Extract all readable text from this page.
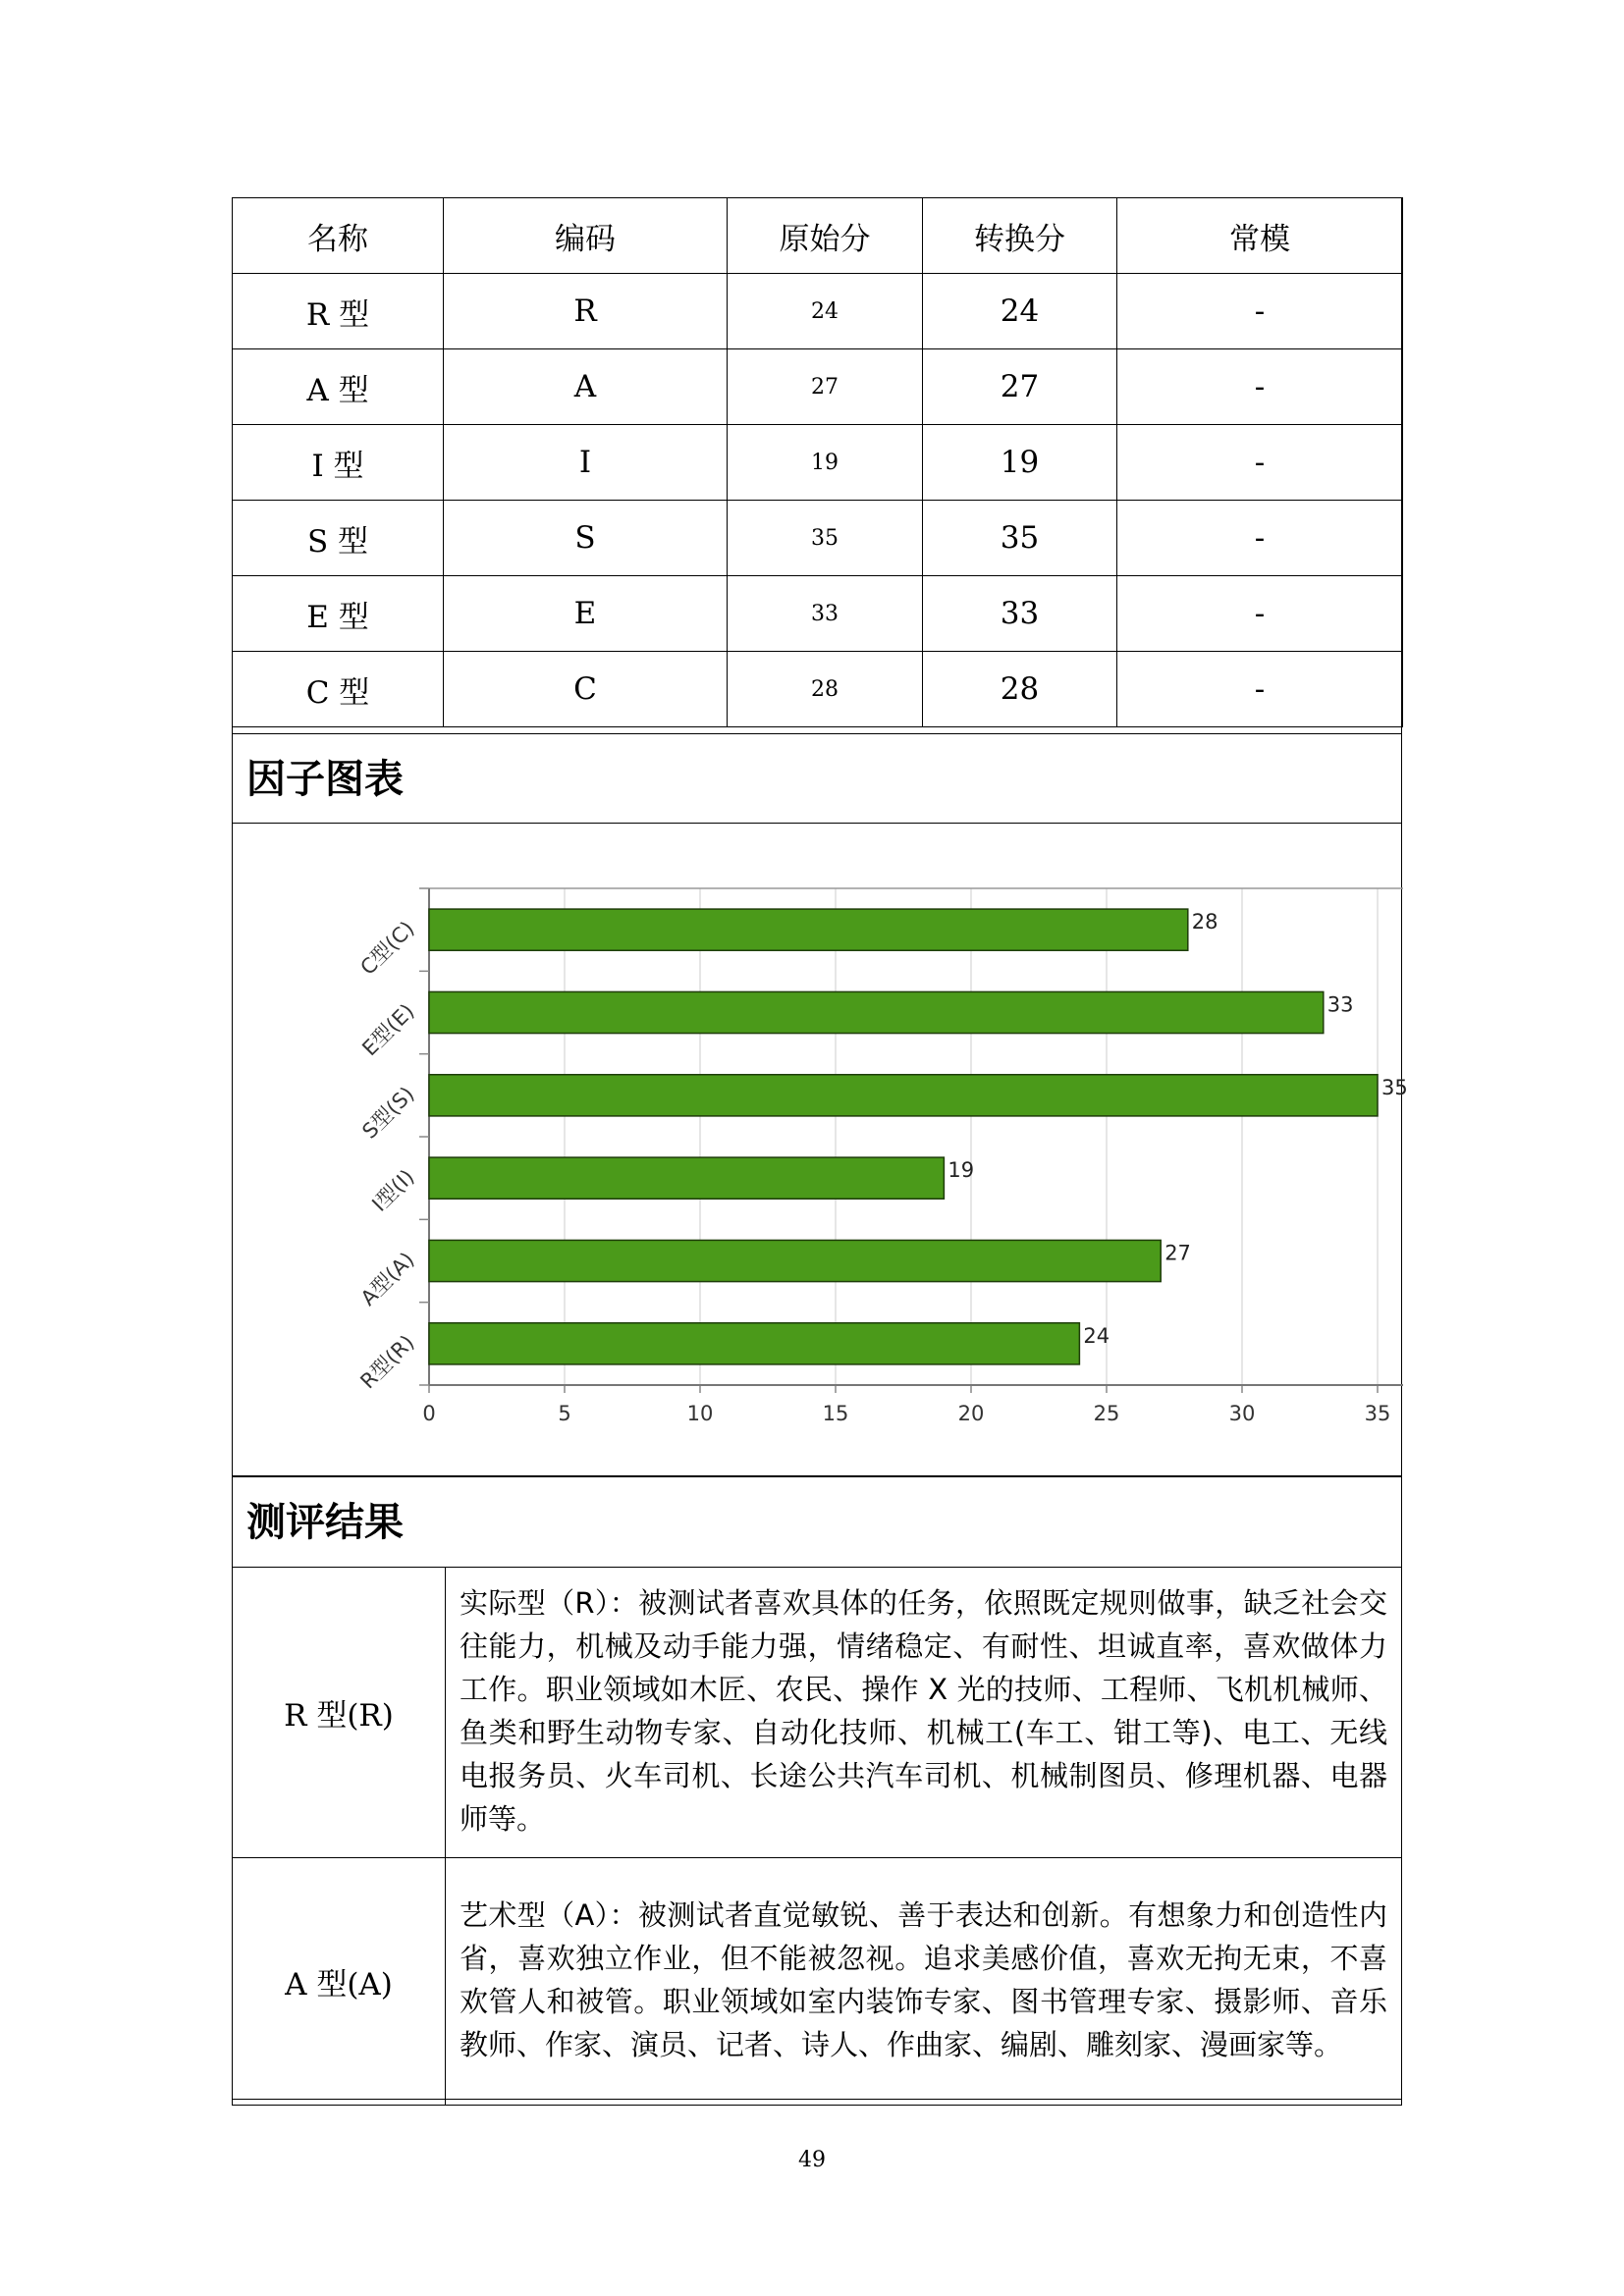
名称	编码	原始分	转换分	常模
R 型	R	24	24	-
A 型	A	27	27	-
I 型	I	19	19	-
S 型	S	35	35	-
E 型	E	33	33	-
C 型	C	28	28	-
因子图表
0	5	10	15	20	25	30	35
28
C型(C)
33
E型(E)
35
S型(S)
19
I型(I)
27
A型(A)
24
R型(R)
测评结果
R 型(R)	实际型（R）：被测试者喜欢具体的任务，依照既定规则做事，缺乏社会交往能力，机械及动手能力强，情绪稳定、有耐性、坦诚直率，喜欢做体力工作。职业领域如木匠、农民、操作 X 光的技师、工程师、飞机机械师、鱼类和野生动物专家、自动化技师、机械工(车工、钳工等)、电工、无线电报务员、火车司机、长途公共汽车司机、机械制图员、修理机器、电器师等。
A 型(A)	艺术型（A）：被测试者直觉敏锐、善于表达和创新。有想象力和创造性内省，喜欢独立作业，但不能被忽视。追求美感价值，喜欢无拘无束，不喜欢管人和被管。职业领域如室内装饰专家、图书管理专家、摄影师、音乐教师、作家、演员、记者、诗人、作曲家、编剧、雕刻家、漫画家等。
49
